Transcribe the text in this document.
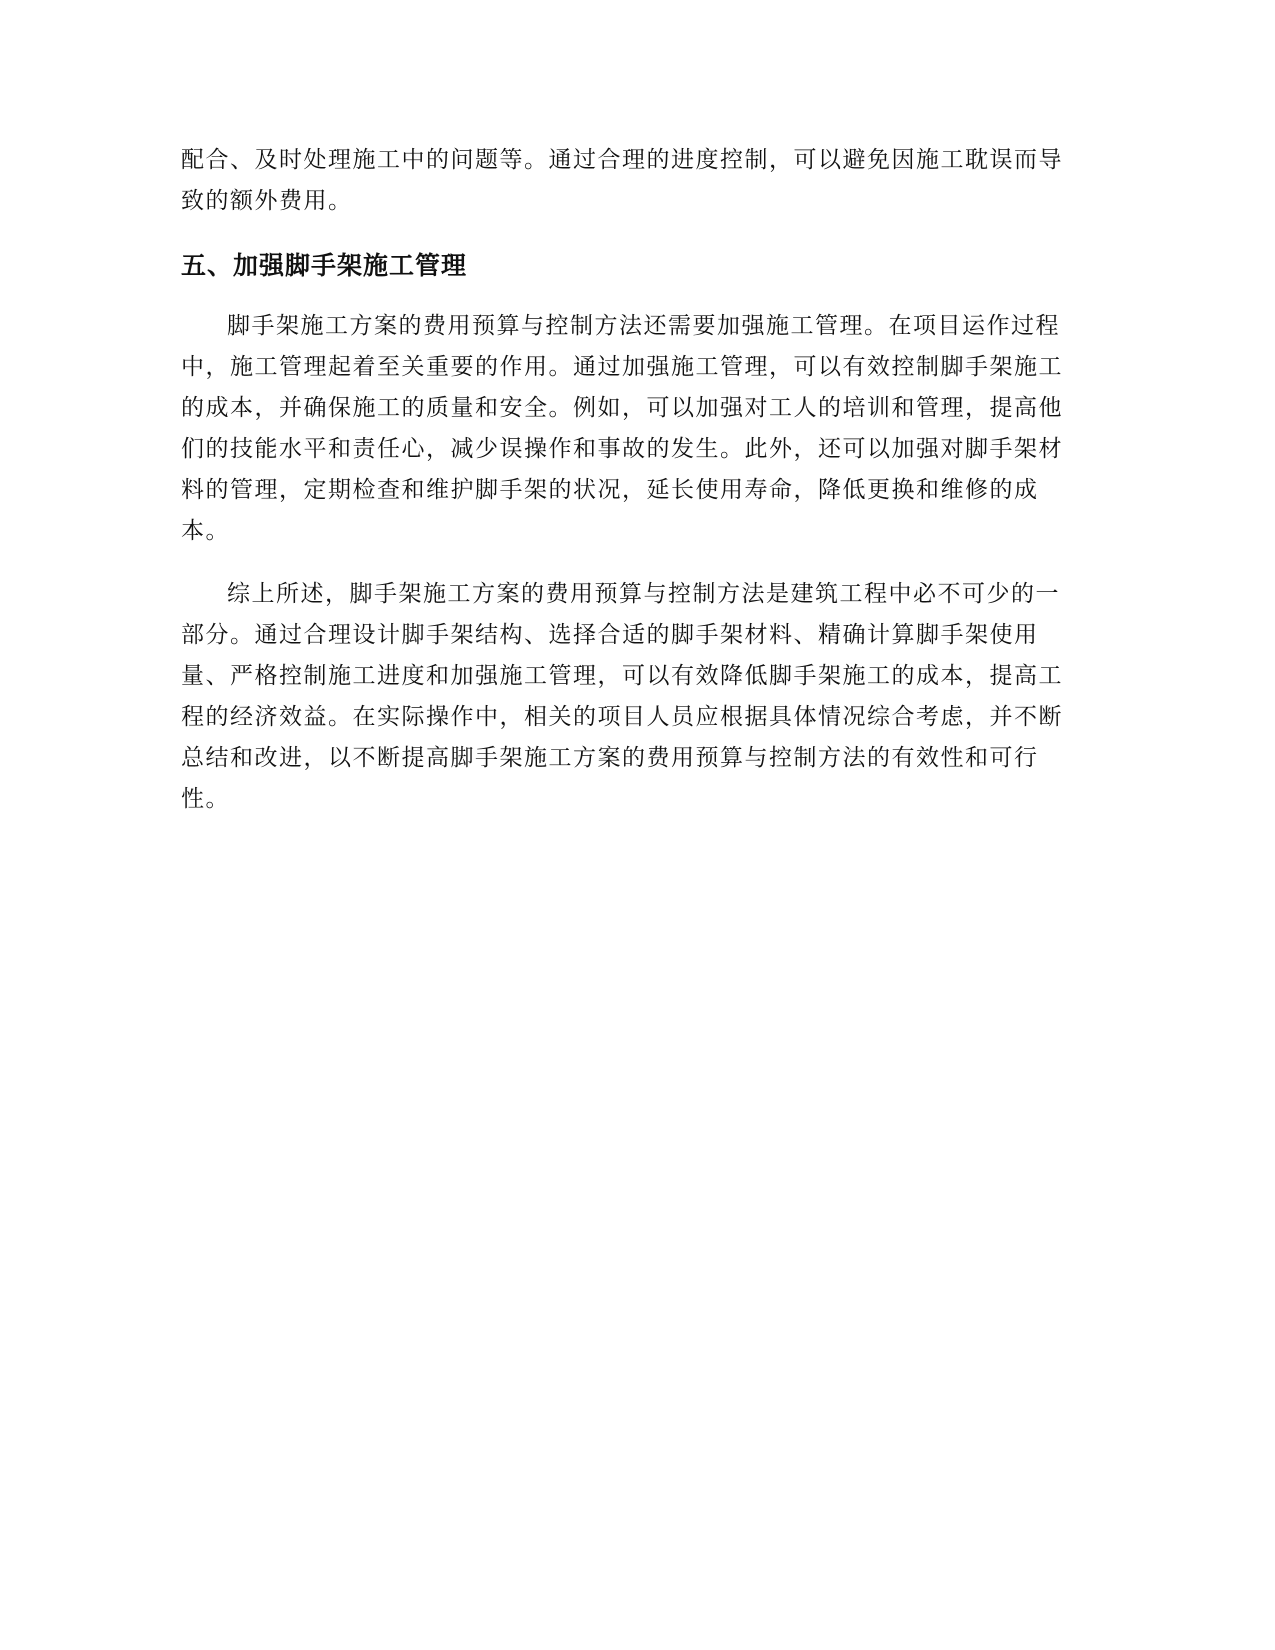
配合、及时处理施工中的问题等。通过合理的进度控制，可以避免因施工耽误而导

致的额外费用。

五、加强脚手架施工管理

脚手架施工方案的费用预算与控制方法还需要加强施工管理。在项目运作过程

中，施工管理起着至关重要的作用。通过加强施工管理，可以有效控制脚手架施工

的成本，并确保施工的质量和安全。例如，可以加强对工人的培训和管理，提高他

们的技能水平和责任心，减少误操作和事故的发生。此外，还可以加强对脚手架材

料的管理，定期检查和维护脚手架的状况，延长使用寿命，降低更换和维修的成

本。

综上所述，脚手架施工方案的费用预算与控制方法是建筑工程中必不可少的一

部分。通过合理设计脚手架结构、选择合适的脚手架材料、精确计算脚手架使用

量、严格控制施工进度和加强施工管理，可以有效降低脚手架施工的成本，提高工

程的经济效益。在实际操作中，相关的项目人员应根据具体情况综合考虑，并不断

总结和改进，以不断提高脚手架施工方案的费用预算与控制方法的有效性和可行

性。
